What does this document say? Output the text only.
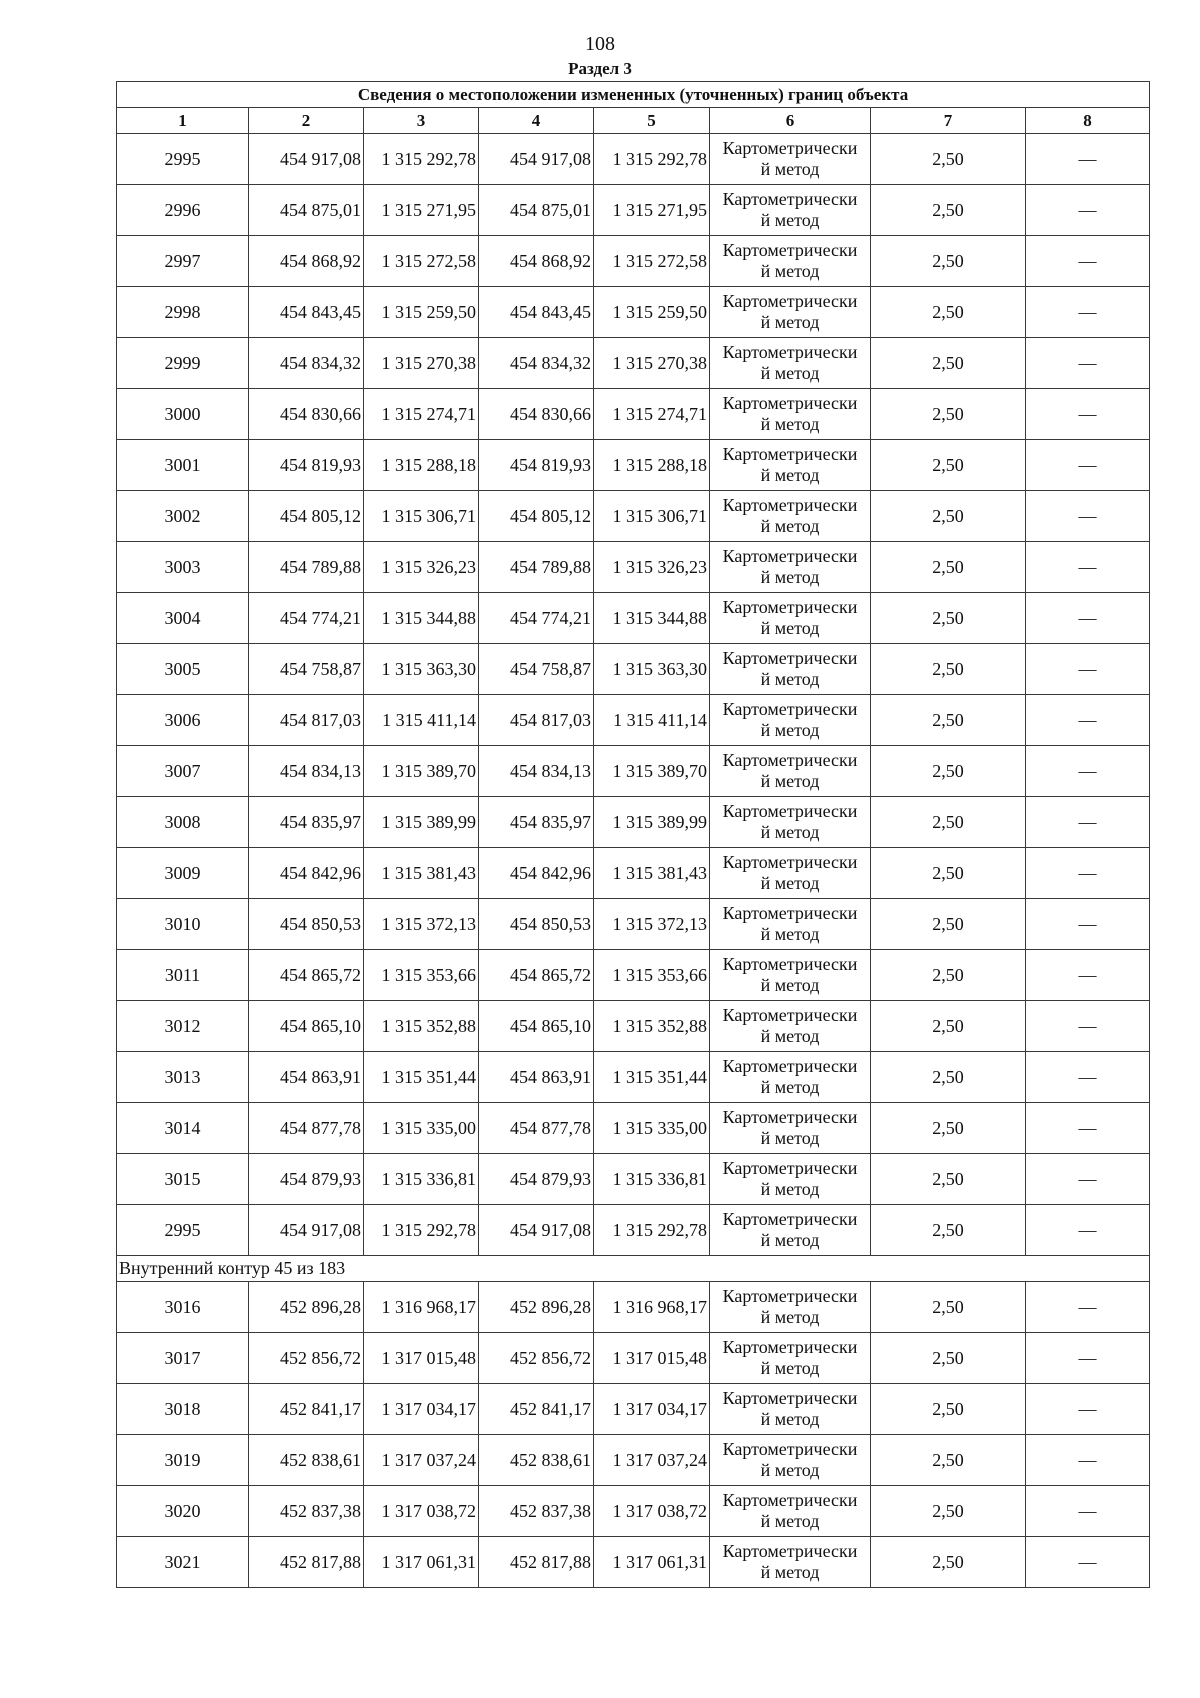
108
Раздел 3
Сведения о местоположении измененных (уточненных) границ объекта							
1	2	3	4	5	6	7	8
2995	454 917,08	1 315 292,78	454 917,08	1 315 292,78	Картометрически
й метод	2,50	—
2996	454 875,01	1 315 271,95	454 875,01	1 315 271,95	Картометрически
й метод	2,50	—
2997	454 868,92	1 315 272,58	454 868,92	1 315 272,58	Картометрически
й метод	2,50	—
2998	454 843,45	1 315 259,50	454 843,45	1 315 259,50	Картометрически
й метод	2,50	—
2999	454 834,32	1 315 270,38	454 834,32	1 315 270,38	Картометрически
й метод	2,50	—
3000	454 830,66	1 315 274,71	454 830,66	1 315 274,71	Картометрически
й метод	2,50	—
3001	454 819,93	1 315 288,18	454 819,93	1 315 288,18	Картометрически
й метод	2,50	—
3002	454 805,12	1 315 306,71	454 805,12	1 315 306,71	Картометрически
й метод	2,50	—
3003	454 789,88	1 315 326,23	454 789,88	1 315 326,23	Картометрически
й метод	2,50	—
3004	454 774,21	1 315 344,88	454 774,21	1 315 344,88	Картометрически
й метод	2,50	—
3005	454 758,87	1 315 363,30	454 758,87	1 315 363,30	Картометрически
й метод	2,50	—
3006	454 817,03	1 315 411,14	454 817,03	1 315 411,14	Картометрически
й метод	2,50	—
3007	454 834,13	1 315 389,70	454 834,13	1 315 389,70	Картометрически
й метод	2,50	—
3008	454 835,97	1 315 389,99	454 835,97	1 315 389,99	Картометрически
й метод	2,50	—
3009	454 842,96	1 315 381,43	454 842,96	1 315 381,43	Картометрически
й метод	2,50	—
3010	454 850,53	1 315 372,13	454 850,53	1 315 372,13	Картометрически
й метод	2,50	—
3011	454 865,72	1 315 353,66	454 865,72	1 315 353,66	Картометрически
й метод	2,50	—
3012	454 865,10	1 315 352,88	454 865,10	1 315 352,88	Картометрически
й метод	2,50	—
3013	454 863,91	1 315 351,44	454 863,91	1 315 351,44	Картометрически
й метод	2,50	—
3014	454 877,78	1 315 335,00	454 877,78	1 315 335,00	Картометрически
й метод	2,50	—
3015	454 879,93	1 315 336,81	454 879,93	1 315 336,81	Картометрически
й метод	2,50	—
2995	454 917,08	1 315 292,78	454 917,08	1 315 292,78	Картометрически
й метод	2,50	—
Внутренний контур 45 из 183							
3016	452 896,28	1 316 968,17	452 896,28	1 316 968,17	Картометрически
й метод	2,50	—
3017	452 856,72	1 317 015,48	452 856,72	1 317 015,48	Картометрически
й метод	2,50	—
3018	452 841,17	1 317 034,17	452 841,17	1 317 034,17	Картометрически
й метод	2,50	—
3019	452 838,61	1 317 037,24	452 838,61	1 317 037,24	Картометрически
й метод	2,50	—
3020	452 837,38	1 317 038,72	452 837,38	1 317 038,72	Картометрически
й метод	2,50	—
3021	452 817,88	1 317 061,31	452 817,88	1 317 061,31	Картометрически
й метод	2,50	—
